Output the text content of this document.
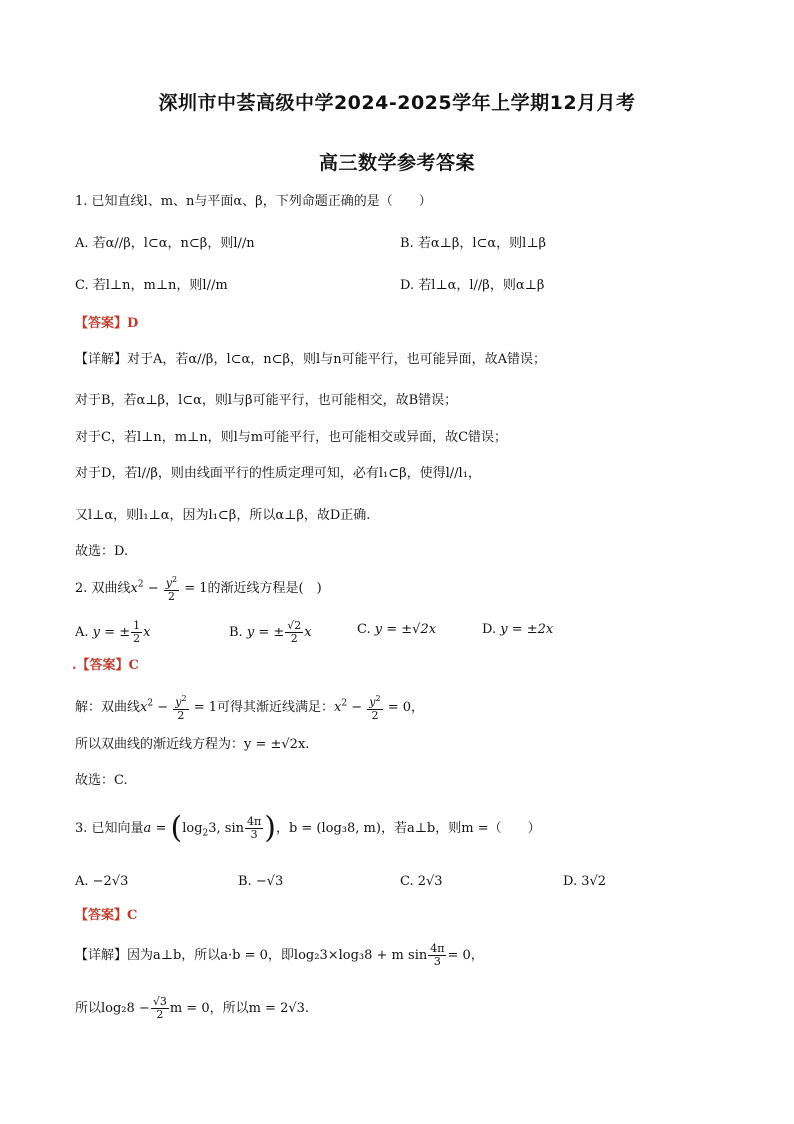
深圳市中荟高级中学2024-2025学年上学期12月月考
高三数学参考答案
1. 已知直线l、m、n与平面α、β，下列命题正确的是（　　）
A. 若α//β，l⊂α，n⊂β，则l//n	B. 若α⊥β，l⊂α，则l⊥β
C. 若l⊥n，m⊥n，则l//m	D. 若l⊥α，l//β，则α⊥β
【答案】D
【详解】对于A，若α//β，l⊂α，n⊂β，则l与n可能平行，也可能异面，故A错误；
对于B，若α⊥β，l⊂α，则l与β可能平行，也可能相交，故B错误；
对于C，若l⊥n，m⊥n，则l与m可能平行，也可能相交或异面，故C错误；
对于D，若l//β，则由线面平行的性质定理可知，必有l₁⊂β，使得l//l₁，
又l⊥α，则l₁⊥α，因为l₁⊂β，所以α⊥β，故D正确.
故选：D.
2. 双曲线$x^2 - \frac{y^2}{2} = 1$的渐近线方程是(　)
A. y = ± $\frac{1}{2}$ x	B. y = ± $\frac{√2}{2}$ x	C. y = ±√2x	D. y = ±2x
.【答案】C
解：双曲线$x^2 - \frac{y^2}{2} = 1$可得其渐近线满足：$x^2 - \frac{y^2}{2} = 0$，
所以双曲线的渐近线方程为：y = ±√2x.
故选：C.
3. 已知向量$a = (\log_23$, $\sin \frac{4\pi}{3}$ )，b = (log₃8, m)，若a⊥b，则m =（　　）
A. −2√3	B. −√3	C. 2√3	D. 3√2
【答案】C
【详解】因为a⊥b，所以a·b = 0，即log₂3×log₃8 + m $\sin \frac{4\pi}{3} = 0$，
所以$\log_28 - \frac{√3}{2}$ m = 0，所以m = 2√3.
